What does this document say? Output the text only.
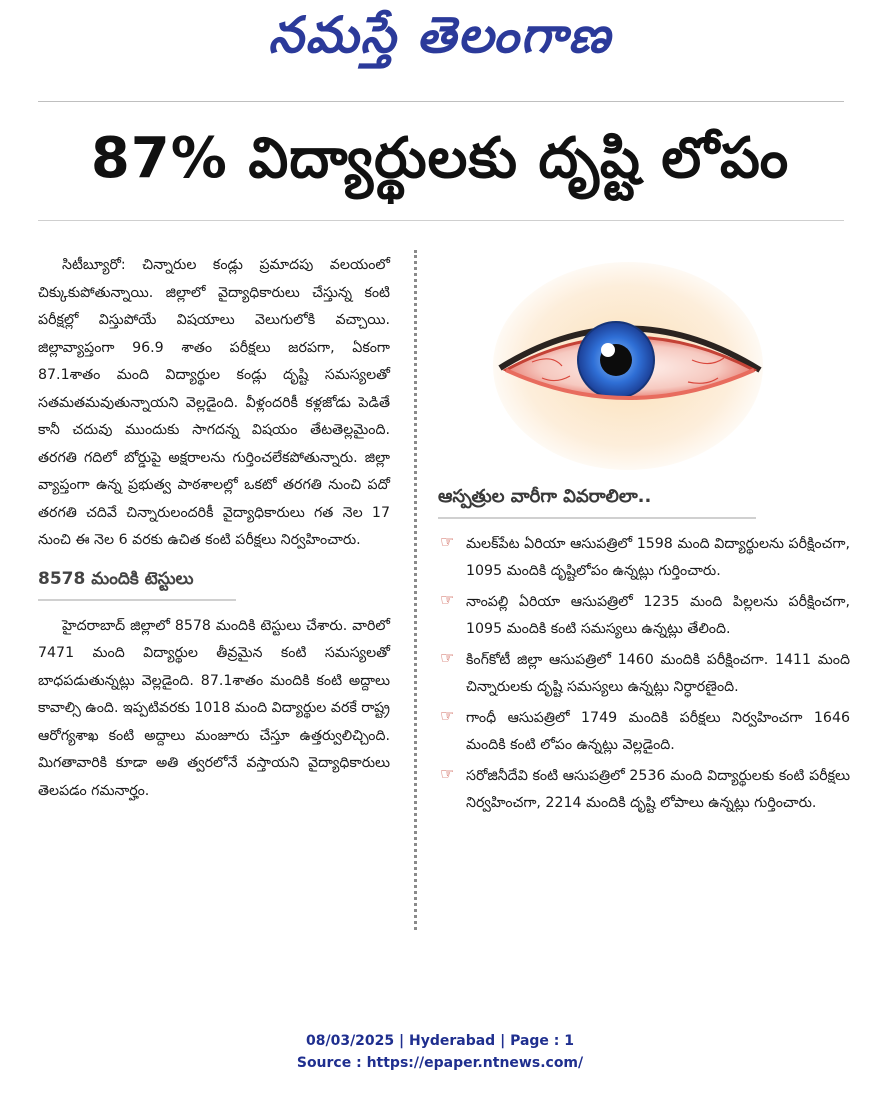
నమస్తే తెలంగాణ
87% విద్యార్థులకు దృష్టి లోపం

సిటీబ్యూరో: చిన్నారుల కండ్లు ప్రమాదపు వలయంలో చిక్కుకుపోతున్నాయి. జిల్లాలో వైద్యాధికారులు చేస్తున్న కంటి పరీక్షల్లో విస్తుపోయే విషయాలు వెలుగులోకి వచ్చాయి. జిల్లావ్యాప్తంగా 96.9 శాతం పరీక్షలు జరపగా, ఏకంగా 87.1శాతం మంది విద్యార్థుల కండ్లు దృష్టి సమస్యలతో సతమతమవుతున్నాయని వెల్లడైంది. వీళ్లందరికీ కళ్లజోడు పెడితే కానీ చదువు ముందుకు సాగదన్న విషయం తేటతెల్లమైంది. తరగతి గదిలో బోర్డుపై అక్షరాలను గుర్తించలేకపోతున్నారు. జిల్లా వ్యాప్తంగా ఉన్న ప్రభుత్వ పాఠశాలల్లో ఒకటో తరగతి నుంచి పదో తరగతి చదివే చిన్నారులందరికీ వైద్యాధికారులు గత నెల 17 నుంచి ఈ నెల 6 వరకు ఉచిత కంటి పరీక్షలు నిర్వహించారు.

8578 మందికి టెస్టులు

హైదరాబాద్ జిల్లాలో 8578 మందికి టెస్టులు చేశారు. వారిలో 7471 మంది విద్యార్థుల తీవ్రమైన కంటి సమస్యలతో బాధపడుతున్నట్లు వెల్లడైంది. 87.1శాతం మందికి కంటి అద్దాలు కావాల్సి ఉంది. ఇప్పటివరకు 1018 మంది విద్యార్థుల వరకే రాష్ట్ర ఆరోగ్యశాఖ కంటి అద్దాలు మంజూరు చేస్తూ ఉత్తర్వులిచ్చింది. మిగతావారికి కూడా అతి త్వరలోనే వస్తాయని వైద్యాధికారులు తెలపడం గమనార్హం.

ఆస్పత్రుల వారీగా వివరాలిలా..
☞ మలక్‌పేట ఏరియా ఆసుపత్రిలో 1598 మంది విద్యార్థులను పరీక్షించగా, 1095 మందికి దృష్టిలోపం ఉన్నట్లు గుర్తించారు.

☞ నాంపల్లి ఏరియా ఆసుపత్రిలో 1235 మంది పిల్లలను పరీక్షించగా, 1095 మందికి కంటి సమస్యలు ఉన్నట్లు తేలింది.

☞ కింగ్‌కోటీ జిల్లా ఆసుపత్రిలో 1460 మందికి పరీక్షించగా. 1411 మంది చిన్నారులకు దృష్టి సమస్యలు ఉన్నట్లు నిర్ధారణైంది.

☞ గాంధీ ఆసుపత్రిలో 1749 మందికి పరీక్షలు నిర్వహించగా 1646 మందికి కంటి లోపం ఉన్నట్లు వెల్లడైంది.

☞ సరోజినీదేవి కంటి ఆసుపత్రిలో 2536 మంది విద్యార్థులకు కంటి పరీక్షలు నిర్వహించగా, 2214 మందికి దృష్టి లోపాలు ఉన్నట్లు గుర్తించారు.

08/03/2025 | Hyderabad | Page : 1
Source : https://epaper.ntnews.com/
